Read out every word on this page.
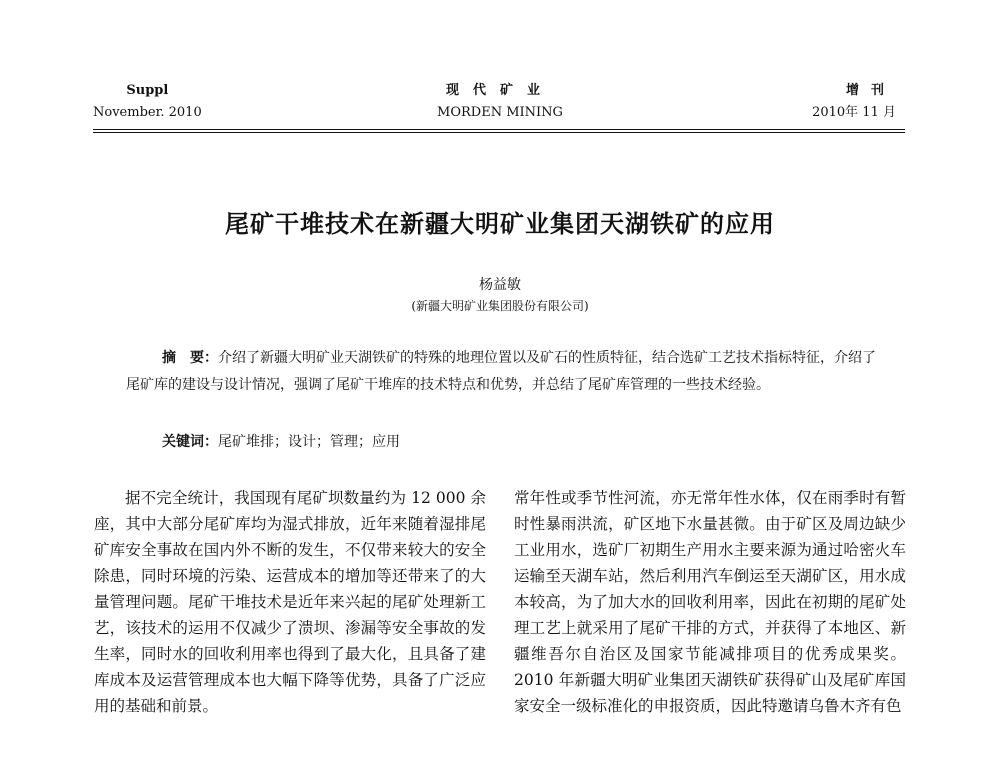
Suppl
November. 2010
现代矿业
MORDEN MINING
增刊
2010年 11 月
尾矿干堆技术在新疆大明矿业集团天湖铁矿的应用
杨益敏
(新疆大明矿业集团股份有限公司)
摘　要：介绍了新疆大明矿业天湖铁矿的特殊的地理位置以及矿石的性质特征，结合选矿工艺技术指标特征，介绍了尾矿库的建设与设计情况，强调了尾矿干堆库的技术特点和优势，并总结了尾矿库管理的一些技术经验。
关键词：尾矿堆排；设计；管理；应用
据不完全统计，我国现有尾矿坝数量约为 12 000 余座，其中大部分尾矿库均为湿式排放，近年来随着湿排尾矿库安全事故在国内外不断的发生，不仅带来较大的安全除患，同时环境的污染、运营成本的增加等还带来了的大量管理问题。尾矿干堆技术是近年来兴起的尾矿处理新工艺，该技术的运用不仅减少了溃坝、渗漏等安全事故的发生率，同时水的回收利用率也得到了最大化，且具备了建库成本及运营管理成本也大幅下降等优势，具备了广泛应用的基础和前景。
常年性或季节性河流，亦无常年性水体，仅在雨季时有暂时性暴雨洪流，矿区地下水量甚微。由于矿区及周边缺少工业用水，选矿厂初期生产用水主要来源为通过哈密火车运输至天湖车站，然后利用汽车倒运至天湖矿区，用水成本较高，为了加大水的回收利用率，因此在初期的尾矿处理工艺上就采用了尾矿干排的方式，并获得了本地区、新疆维吾尔自治区及国家节能减排项目的优秀成果奖。2010 年新疆大明矿业集团天湖铁矿获得矿山及尾矿库国家安全一级标准化的申报资质，因此特邀请乌鲁木齐有色
